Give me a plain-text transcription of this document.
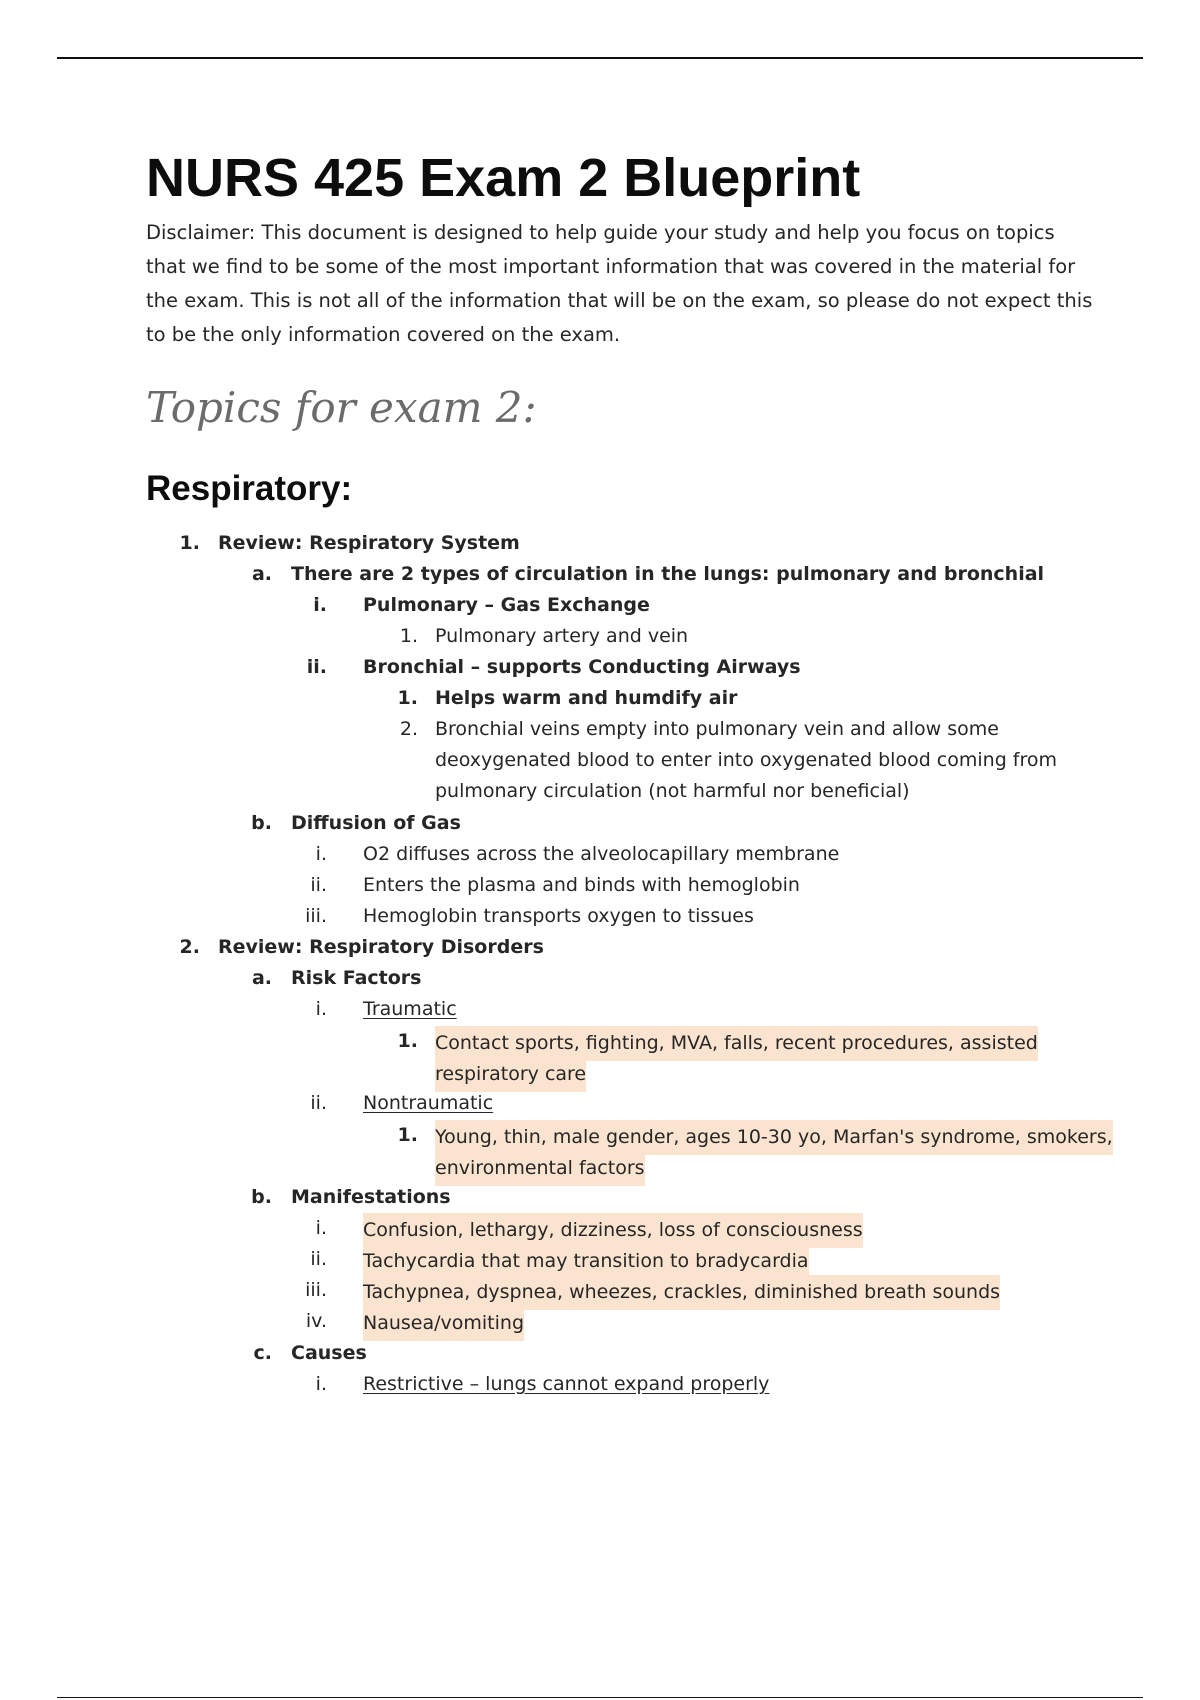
NURS 425 Exam 2 Blueprint

Disclaimer: This document is designed to help guide your study and help you focus on topics that we find to be some of the most important information that was covered in the material for the exam. This is not all of the information that will be on the exam, so please do not expect this to be the only information covered on the exam.

Topics for exam 2:
Respiratory:
1. Review: Respiratory System
a. There are 2 types of circulation in the lungs: pulmonary and bronchial
i. Pulmonary – Gas Exchange
1. Pulmonary artery and vein
ii. Bronchial – supports Conducting Airways
1. Helps warm and humdify air
2. Bronchial veins empty into pulmonary vein and allow some
deoxygenated blood to enter into oxygenated blood coming from
pulmonary circulation (not harmful nor beneficial)
b. Diffusion of Gas
i. O2 diffuses across the alveolocapillary membrane
ii. Enters the plasma and binds with hemoglobin
iii. Hemoglobin transports oxygen to tissues
2. Review: Respiratory Disorders
a. Risk Factors
i. Traumatic
1. Contact sports, fighting, MVA, falls, recent procedures, assisted
respiratory care
ii. Nontraumatic
1. Young, thin, male gender, ages 10-30 yo, Marfan's syndrome, smokers,
environmental factors
b. Manifestations
i. Confusion, lethargy, dizziness, loss of consciousness
ii. Tachycardia that may transition to bradycardia
iii. Tachypnea, dyspnea, wheezes, crackles, diminished breath sounds
iv. Nausea/vomiting
c. Causes
i. Restrictive – lungs cannot expand properly
